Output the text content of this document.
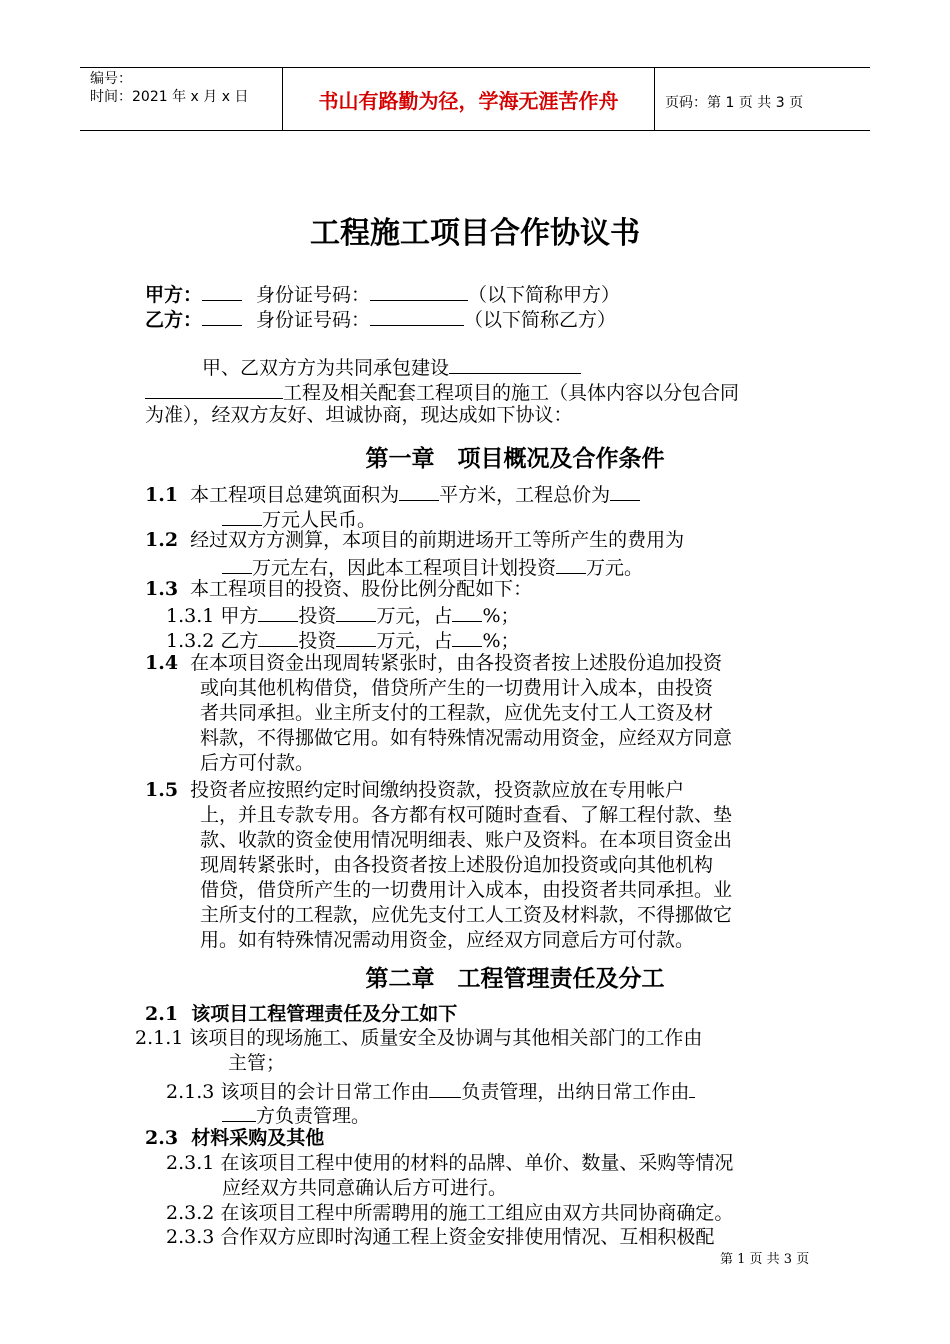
编号：
时间：2021 年 x 月 x 日	书山有路勤为径，学海无涯苦作舟	页码：第 1 页 共 3 页
工程施工项目合作协议书
甲方：	身份证号码：	（以下简称甲方）
乙方：	身份证号码：	（以下简称乙方）
甲、乙双方方为共同承包建设
工程及相关配套工程项目的施工（具体内容以分包合同
为准），经双方友好、坦诚协商，现达成如下协议：
第一章　项目概况及合作条件
1.1 本工程项目总建筑面积为 平方米，工程总价为
万元人民币。
1.2 经过双方方测算，本项目的前期进场开工等所产生的费用为
万元左右，因此本工程项目计划投资 万元。
1.3 本工程项目的投资、股份比例分配如下：
1.3.1 甲方 投资 万元，占 %；
1.3.2 乙方 投资 万元，占 %；
1.4 在本项目资金出现周转紧张时，由各投资者按上述股份追加投资
或向其他机构借贷，借贷所产生的一切费用计入成本，由投资
者共同承担。业主所支付的工程款，应优先支付工人工资及材
料款，不得挪做它用。如有特殊情况需动用资金，应经双方同意
后方可付款。
1.5 投资者应按照约定时间缴纳投资款，投资款应放在专用帐户
上，并且专款专用。各方都有权可随时查看、了解工程付款、垫
款、收款的资金使用情况明细表、账户及资料。在本项目资金出
现周转紧张时，由各投资者按上述股份追加投资或向其他机构
借贷，借贷所产生的一切费用计入成本，由投资者共同承担。业
主所支付的工程款，应优先支付工人工资及材料款，不得挪做它
用。如有特殊情况需动用资金，应经双方同意后方可付款。
第二章　工程管理责任及分工
2.1 该项目工程管理责任及分工如下
2.1.1 该项目的现场施工、质量安全及协调与其他相关部门的工作由
主管；
2.1.3 该项目的会计日常工作由 负责管理，出纳日常工作由
方负责管理。
2.3 材料采购及其他
2.3.1 在该项目工程中使用的材料的品牌、单价、数量、采购等情况
应经双方共同意确认后方可进行。
2.3.2 在该项目工程中所需聘用的施工工组应由双方共同协商确定。
2.3.3 合作双方应即时沟通工程上资金安排使用情况、互相积极配
第 1 页 共 3 页
